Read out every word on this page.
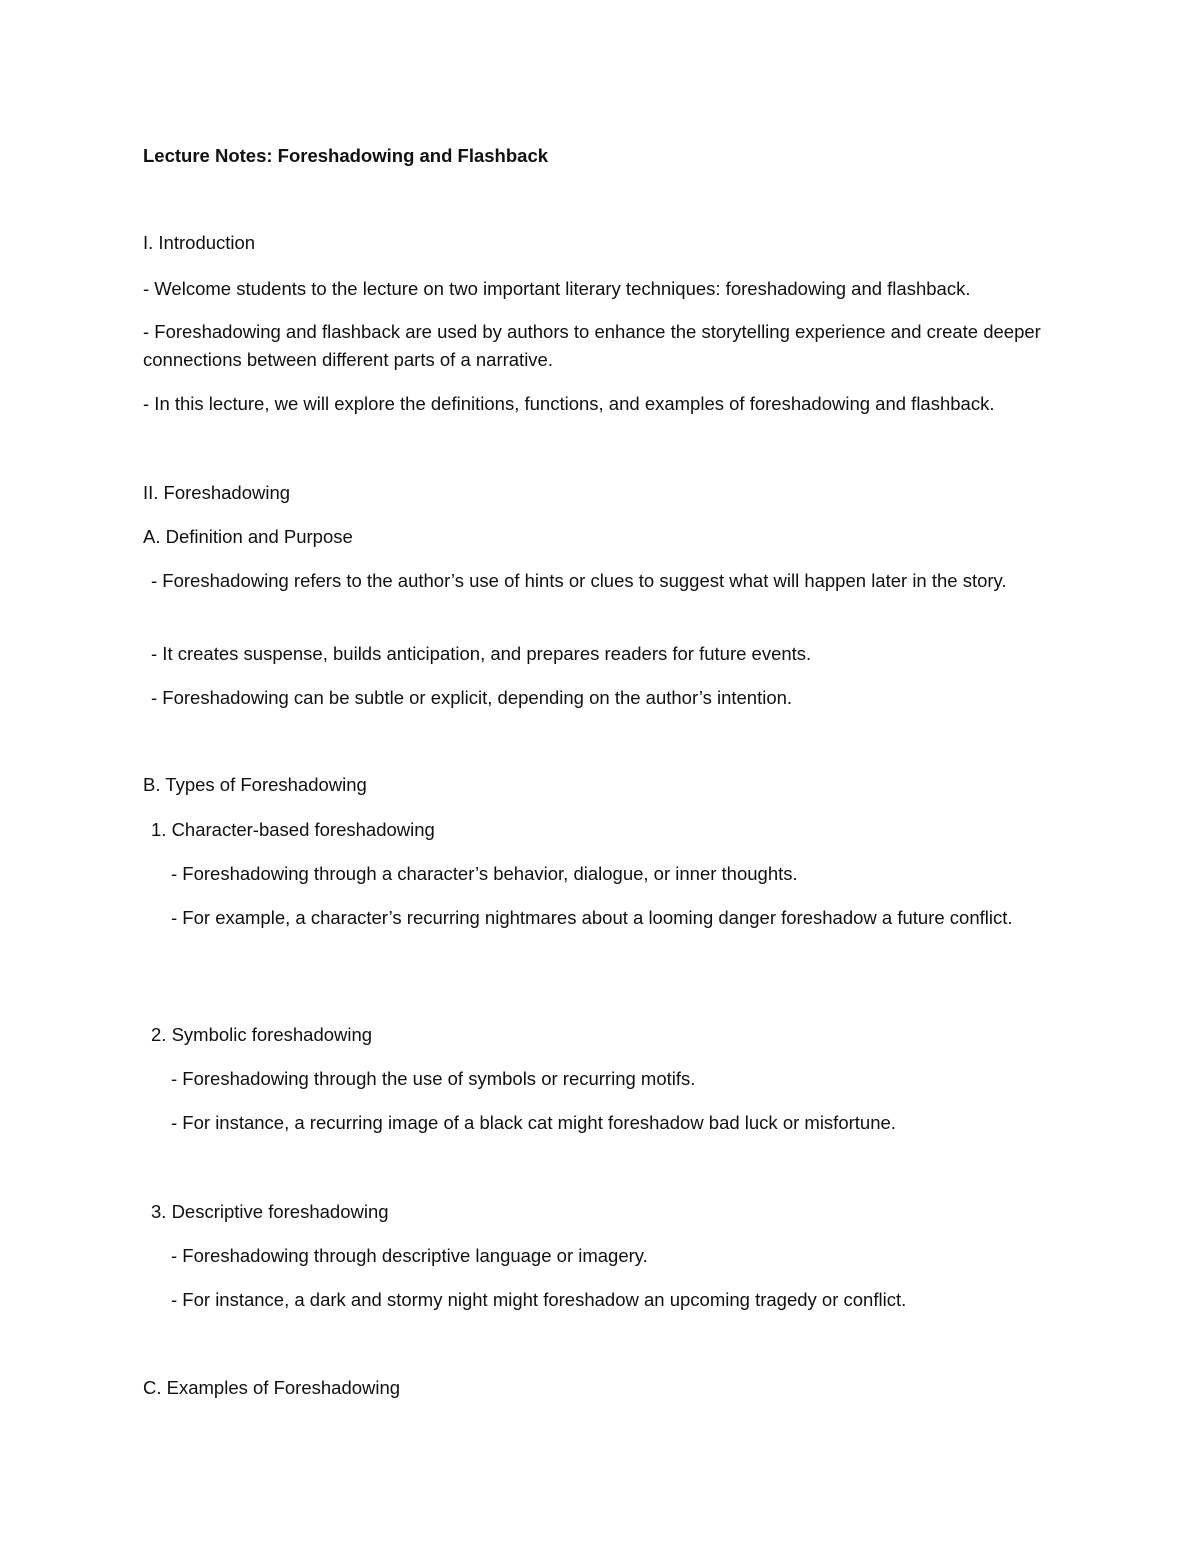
Lecture Notes: Foreshadowing and Flashback
I. Introduction
- Welcome students to the lecture on two important literary techniques: foreshadowing and flashback.
- Foreshadowing and flashback are used by authors to enhance the storytelling experience and create deeper connections between different parts of a narrative.
- In this lecture, we will explore the definitions, functions, and examples of foreshadowing and flashback.
II. Foreshadowing
A. Definition and Purpose
- Foreshadowing refers to the author’s use of hints or clues to suggest what will happen later in the story.
- It creates suspense, builds anticipation, and prepares readers for future events.
- Foreshadowing can be subtle or explicit, depending on the author’s intention.
B. Types of Foreshadowing
1. Character-based foreshadowing
- Foreshadowing through a character’s behavior, dialogue, or inner thoughts.
- For example, a character’s recurring nightmares about a looming danger foreshadow a future conflict.
2. Symbolic foreshadowing
- Foreshadowing through the use of symbols or recurring motifs.
- For instance, a recurring image of a black cat might foreshadow bad luck or misfortune.
3. Descriptive foreshadowing
- Foreshadowing through descriptive language or imagery.
- For instance, a dark and stormy night might foreshadow an upcoming tragedy or conflict.
C. Examples of Foreshadowing
